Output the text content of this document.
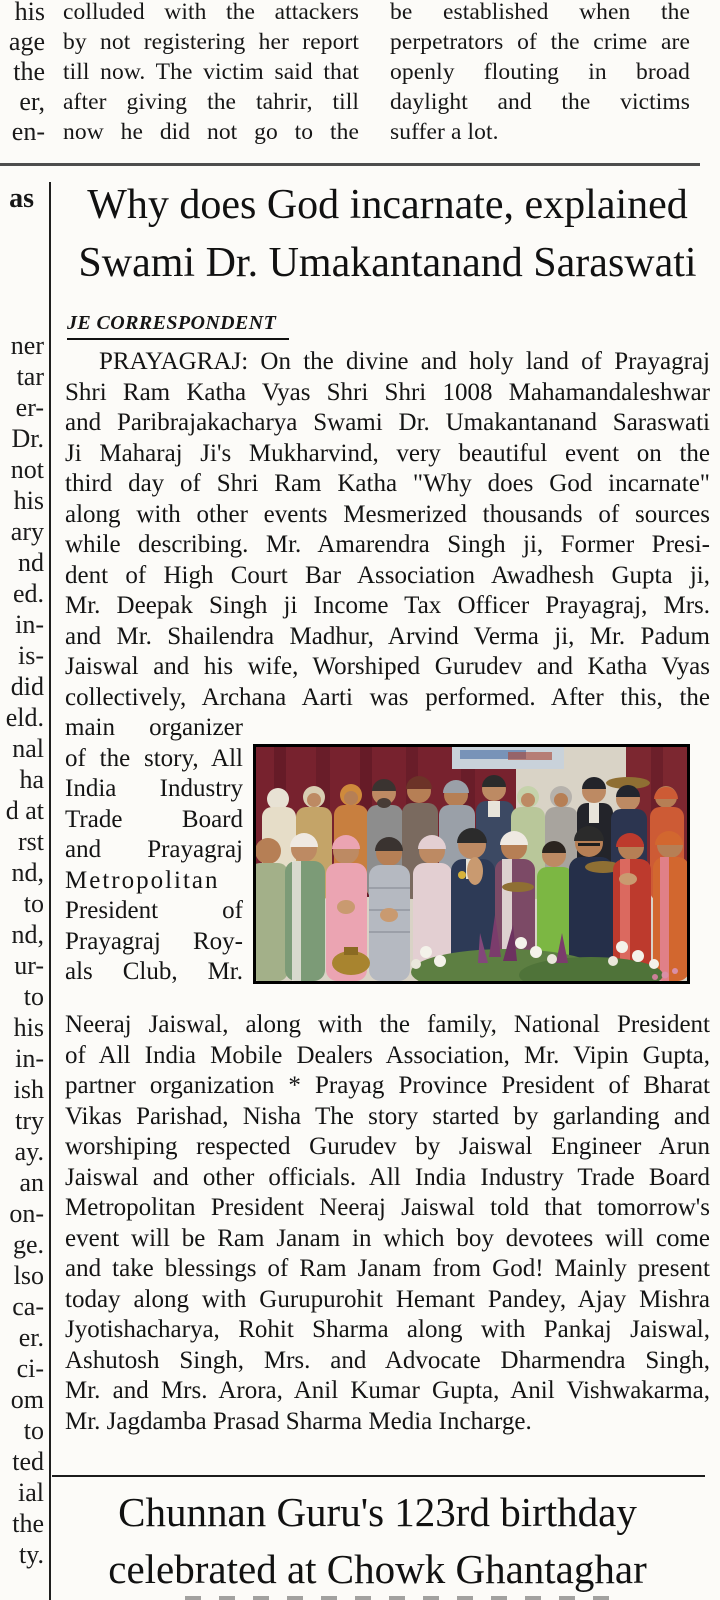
his
age
the
er,
en-
colluded with the attackers
by not registering her report
till now. The victim said that
after giving the tahrir, till
now he did not go to the
be established when the
perpetrators of the crime are
openly flouting in broad
daylight and the victims
suffer a lot.
as
ner
tar
er-
Dr.
not
his
ary
nd
ed.
in-
is-
did
eld.
nal
ha
d at
rst
nd,
to
nd,
ur-
to
his
in-
ish
try
ay.
an
on-
ge.
lso
ca-
er.
ci-
om
to
ted
ial
the
ty.
Why does God incarnate, explained
Swami Dr. Umakantanand Saraswati
JE CORRESPONDENT
PRAYAGRAJ: On the divine and holy land of Prayagraj
Shri Ram Katha Vyas Shri Shri 1008 Mahamandaleshwar
and Paribrajakacharya Swami Dr. Umakantanand Saraswati
Ji Maharaj Ji's Mukharvind, very beautiful event on the
third day of Shri Ram Katha "Why does God incarnate"
along with other events Mesmerized thousands of sources
while describing. Mr. Amarendra Singh ji, Former Presi-
dent of High Court Bar Association Awadhesh Gupta ji,
Mr. Deepak Singh ji Income Tax Officer Prayagraj, Mrs.
and Mr. Shailendra Madhur, Arvind Verma ji, Mr. Padum
Jaiswal and his wife, Worshiped Gurudev and Katha Vyas
collectively, Archana Aarti was performed. After this, the
main organizer
of the story, All
India Industry
Trade Board
and Prayagraj
Metropolitan
President of
Prayagraj Roy-
als Club, Mr.
Neeraj Jaiswal, along with the family, National President
of All India Mobile Dealers Association, Mr. Vipin Gupta,
partner organization * Prayag Province President of Bharat
Vikas Parishad, Nisha The story started by garlanding and
worshiping respected Gurudev by Jaiswal Engineer Arun
Jaiswal and other officials. All India Industry Trade Board
Metropolitan President Neeraj Jaiswal told that tomorrow's
event will be Ram Janam in which boy devotees will come
and take blessings of Ram Janam from God! Mainly present
today along with Gurupurohit Hemant Pandey, Ajay Mishra
Jyotishacharya, Rohit Sharma along with Pankaj Jaiswal,
Ashutosh Singh, Mrs. and Advocate Dharmendra Singh,
Mr. and Mrs. Arora, Anil Kumar Gupta, Anil Vishwakarma,
Mr. Jagdamba Prasad Sharma Media Incharge.
Chunnan Guru's 123rd birthday
celebrated at Chowk Ghantaghar
